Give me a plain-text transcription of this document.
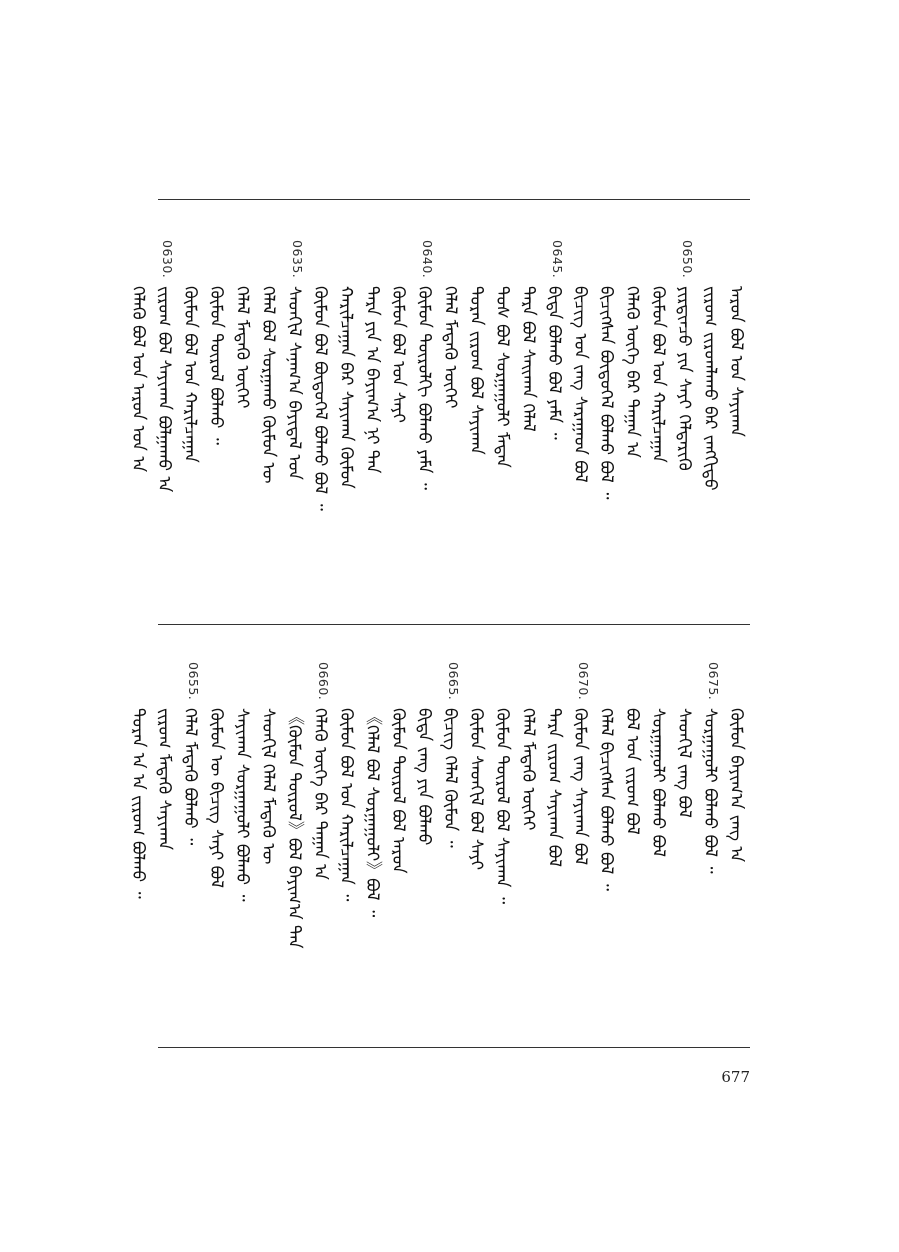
ᠠᠷᠤᠨ ᠪᠣᠯ ᠤᠨ ᠰᠠᠶᠢᠬᠠᠨ
ᠵᠢᠷᠤᠭ ᠵᠢᠷᠤᠭᠯᠠᠬᠤ ᠪᠠᠷ ᠵᠠᠩᠭᠢᠳᠤ
0650.
ᠶᠢᠷᠲᠢᠨᠴᠦ ᠶᠢᠨ ᠰᠠᠶᠢ ᠬᠡᠯᠲᠡᠷᠢᠬᠦ
ᠬᠦᠮᠦᠨ ᠪᠣᠯ ᠤᠨ ᠬᠠᠷᠢᠯᠴᠠᠭᠠᠨ
ᠬᠡᠯᠡᠬᠦ ᠦᠭᠡ ᠪᠡᠷ ᠳᠠᠭᠠᠨ ᠠ
ᠪᠢᠴᠢᠭᠰᠡᠨ ᠪᠦᠲᠦᠭᠡᠯ ᠪᠣᠯᠬᠤ ᠪᠣᠯ ᠃
ᠪᠢᠴᠢᠭ ᠤᠨ ᠵᠠᠩ ᠰᠠᠷᠠᠭᠠᠳ ᠪᠣᠯ
0645.
ᠪᠢᠳᠡ ᠪᠣᠯᠬᠤ ᠪᠣᠯ ᠶᠠᠮᠠ ᠃
ᠲᠡᠷᠡ ᠪᠣᠯ ᠰᠠᠢᠬᠠᠨ ᠬᠡᠯᠡᠯ
ᠲᠤᠰ ᠪᠣᠯ ᠰᠤᠷᠭᠠᠭᠤᠯᠢ ᠮᠡᠳᠡᠨ
ᠳᠤᠷᠠᠨ ᠵᠢᠷᠤᠭ ᠪᠣᠯ ᠰᠠᠶᠢᠬᠠᠨ
ᠬᠡᠯᠡᠯ ᠮᠡᠳᠡᠬᠦ ᠦᠭᠡᠢ
0640.
ᠬᠦᠮᠦᠨ ᠲᠥᠷᠦᠯᠬᠢ ᠪᠣᠯᠬᠤ ᠶᠠᠮᠠ ᠃
ᠬᠦᠮᠦᠨ ᠪᠣᠯ ᠤᠨ ᠰᠠᠶᠢ
ᠲᠡᠷᠡ ᠶᠢᠨ ᠠ ᠪᠠᠶᠢᠭ᠎ᠠ ᠨᠢ ᠲᠠᠨ
ᠬᠠᠷᠢᠯᠴᠠᠭᠠᠨ ᠪᠠᠷ ᠰᠠᠶᠢᠬᠠᠨ ᠬᠦᠮᠦᠨ
ᠬᠦᠮᠦᠨ ᠪᠣᠯ ᠪᠦᠲᠦᠭᠡᠯ ᠪᠣᠯᠬᠤ ᠪᠣᠯ ᠃
0635.
ᠰᠡᠳᠬᠢᠯ ᠰᠠᠨᠠᠭ᠎ᠠ ᠪᠠᠶᠢᠳᠠᠯ ᠤᠨ
ᠬᠡᠯᠡᠯ ᠪᠣᠯ ᠰᠤᠷᠭᠠᠬᠤ ᠬᠦᠮᠦᠨ ᠦ
ᠬᠡᠯᠡᠯ ᠮᠡᠳᠡᠬᠦ ᠦᠭᠡᠢ
ᠬᠦᠮᠦᠨ ᠲᠥᠷᠦᠯ ᠪᠣᠯᠬᠤ ᠃
ᠬᠦᠮᠦᠨ ᠪᠣᠯ ᠤᠨ ᠬᠠᠷᠢᠯᠴᠠᠭᠠᠨ
0630.
ᠵᠢᠷᠤᠭ ᠪᠣᠯ ᠰᠠᠶᠢᠬᠠᠨ ᠪᠣᠯᠭᠠᠬᠤ ᠠ
ᠬᠡᠯᠡᠬᠦ ᠪᠣᠯ ᠤᠨ ᠠᠷᠤᠨ ᠤᠨ ᠠ
ᠬᠦᠮᠦᠨ ᠪᠠᠶᠢᠭ᠎ᠠ ᠵᠠᠩ ᠠ
0675.
ᠰᠤᠷᠭᠠᠭᠤᠯᠢ ᠪᠣᠯᠬᠤ ᠪᠣᠯ ᠃
ᠰᠡᠳᠬᠢᠯ ᠵᠠᠩ ᠪᠣᠯ
ᠰᠤᠷᠭᠠᠭᠤᠯᠢ ᠪᠣᠯᠬᠤ ᠪᠣᠯ
ᠪᠣᠯ ᠤᠨ ᠵᠢᠷᠤᠭ ᠪᠣᠯ
ᠬᠡᠯᠡᠯ ᠪᠢᠴᠢᠭᠰᠡᠨ ᠪᠣᠯᠬᠤ ᠪᠣᠯ ᠃
0670.
ᠬᠦᠮᠦᠨ ᠵᠠᠩ ᠰᠠᠶᠢᠬᠠᠨ ᠪᠣᠯ
ᠲᠡᠷᠡ ᠵᠢᠷᠤᠭ ᠰᠠᠶᠢᠬᠠᠨ ᠪᠣᠯ
ᠬᠡᠯᠡᠯ ᠮᠡᠳᠡᠬᠦ ᠦᠭᠡᠢ
ᠬᠦᠮᠦᠨ ᠲᠥᠷᠦᠯ ᠪᠣᠯ ᠰᠠᠶᠢᠬᠠᠨ ᠃
ᠬᠦᠮᠦᠨ ᠰᠡᠳᠬᠢᠯ ᠪᠣᠯ ᠰᠠᠶᠢ
0665.
ᠪᠢᠴᠢᠭ ᠬᠡᠯᠡᠯ ᠬᠦᠮᠦᠨ ᠃
ᠪᠢᠳᠡ ᠵᠠᠩ ᠶᠢᠨ ᠪᠣᠯᠬᠤ
ᠬᠦᠮᠦᠨ ᠲᠥᠷᠦᠯ ᠪᠣᠯ ᠠᠷᠤᠨ
《ᠬᠡᠯᠡᠯ ᠪᠣᠯ ᠰᠤᠷᠭᠠᠭᠤᠯᠢ》ᠪᠣᠯ ᠃
ᠬᠦᠮᠦᠨ ᠪᠣᠯ ᠤᠨ ᠬᠠᠷᠢᠯᠴᠠᠭᠠᠨ ᠃
0660.
ᠬᠡᠯᠡᠬᠦ ᠦᠭᠡ ᠪᠡᠷ ᠳᠠᠭᠠᠨ ᠠ
《ᠬᠦᠮᠦᠨ ᠲᠥᠷᠦᠯ》ᠪᠣᠯ ᠪᠠᠶᠢᠭ᠎ᠠ ᠲᠠᠨ
ᠰᠡᠳᠬᠢᠯ ᠬᠡᠯᠡᠯ ᠮᠡᠳᠡᠬᠦ ᠦ
ᠰᠠᠶᠢᠬᠠᠨ ᠰᠤᠷᠭᠠᠭᠤᠯᠢ ᠪᠣᠯᠬᠤ ᠃
ᠬᠦᠮᠦᠨ ᠦ ᠪᠢᠴᠢᠭ ᠰᠠᠶᠢ ᠪᠣᠯ
0655.
ᠬᠡᠯᠡᠯ ᠮᠡᠳᠡᠬᠦ ᠪᠣᠯᠬᠤ ᠃
ᠵᠢᠷᠤᠭ ᠮᠡᠳᠡᠬᠦ ᠰᠠᠶᠢᠬᠠᠨ
ᠳᠤᠷᠠᠨ ᠠ ᠠ ᠵᠢᠷᠤᠭ ᠪᠣᠯᠬᠤ ᠃
677
